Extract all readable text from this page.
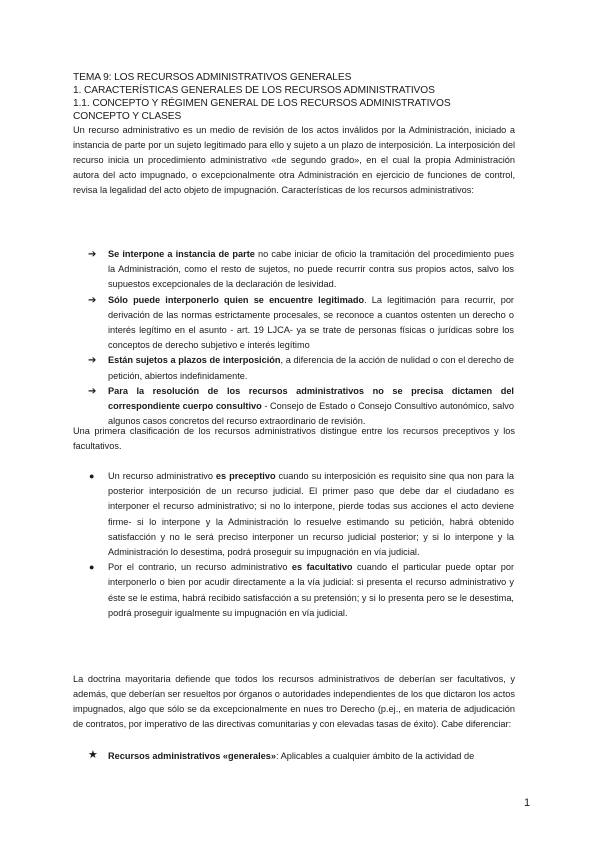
TEMA 9: LOS RECURSOS ADMINISTRATIVOS GENERALES
1. CARACTERÍSTICAS GENERALES DE LOS RECURSOS ADMINISTRATIVOS
1.1. CONCEPTO Y RÉGIMEN GENERAL DE LOS RECURSOS ADMINISTRATIVOS
CONCEPTO Y CLASES

Un recurso administrativo es un medio de revisión de los actos inválidos por la Administración, iniciado a instancia de parte por un sujeto legitimado para ello y sujeto a un plazo de interposición. La interposición del recurso inicia un procedimiento administrativo «de segundo grado», en el cual la propia Administración autora del acto impugnado, o excepcionalmente otra Administración en ejercicio de funciones de control, revisa la legalidad del acto objeto de impugnación. Características de los recursos administrativos:

➔ Se interpone a instancia de parte no cabe iniciar de oficio la tramitación del procedimiento pues la Administración, como el resto de sujetos, no puede recurrir contra sus propios actos, salvo los supuestos excepcionales de la declaración de lesividad.
➔ Sólo puede interponerlo quien se encuentre legitimado. La legitimación para recurrir, por derivación de las normas estrictamente procesales, se reconoce a cuantos ostenten un derecho o interés legítimo en el asunto - art. 19 LJCA- ya se trate de personas físicas o jurídicas sobre los conceptos de derecho subjetivo e interés legítimo
➔ Están sujetos a plazos de interposición, a diferencia de la acción de nulidad o con el derecho de petición, abiertos indefinidamente.
➔ Para la resolución de los recursos administrativos no se precisa dictamen del correspondiente cuerpo consultivo - Consejo de Estado o Consejo Consultivo autonómico, salvo algunos casos concretos del recurso extraordinario de revisión.

Una primera clasificación de los recursos administrativos distingue entre los recursos preceptivos y los facultativos.

● Un recurso administrativo es preceptivo cuando su interposición es requisito sine qua non para la posterior interposición de un recurso judicial. El primer paso que debe dar el ciudadano es interponer el recurso administrativo; si no lo interpone, pierde todas sus acciones el acto deviene firme- si lo interpone y la Administración lo resuelve estimando su petición, habrá obtenido satisfacción y no le será preciso interponer un recurso judicial posterior; y si lo interpone y la Administración lo desestima, podrá proseguir su impugnación en vía judicial.
● Por el contrario, un recurso administrativo es facultativo cuando el particular puede optar por interponerlo o bien por acudir directamente a la vía judicial: si presenta el recurso administrativo y éste se le estima, habrá recibido satisfacción a su pretensión; y si lo presenta pero se le desestima, podrá proseguir igualmente su impugnación en vía judicial.

La doctrina mayoritaria defiende que todos los recursos administrativos de deberían ser facultativos, y además, que deberían ser resueltos por órganos o autoridades independientes de los que dictaron los actos impugnados, algo que sólo se da excepcionalmente en nues tro Derecho (p.ej., en materia de adjudicación de contratos, por imperativo de las directivas comunitarias y con elevadas tasas de éxito). Cabe diferenciar:

★ Recursos administrativos «generales»: Aplicables a cualquier ámbito de la actividad de
1
